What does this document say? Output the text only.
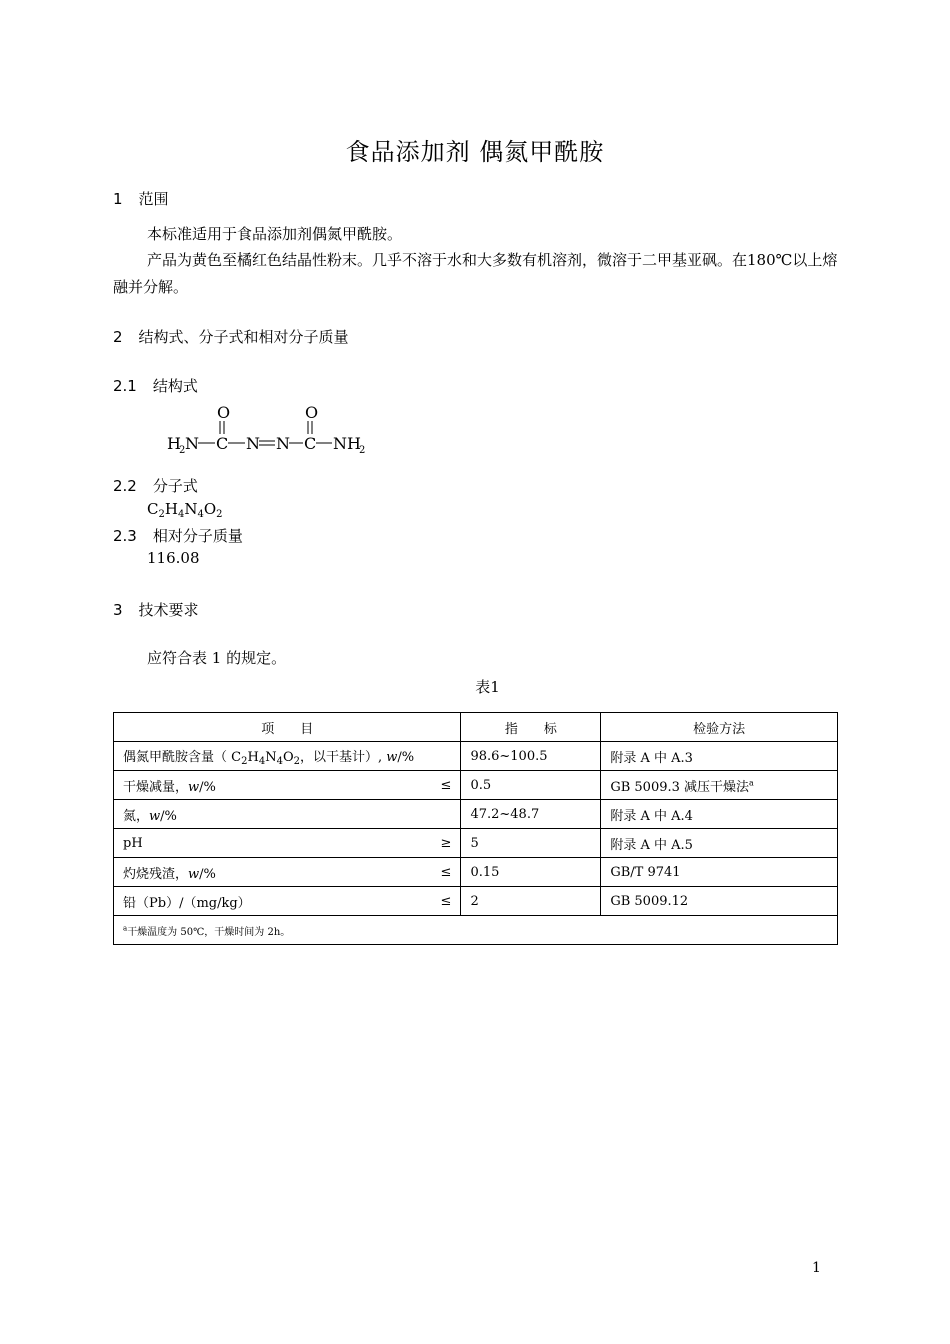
食品添加剂 偶氮甲酰胺
1 范围
本标准适用于食品添加剂偶氮甲酰胺。
产品为黄色至橘红色结晶性粉末。几乎不溶于水和大多数有机溶剂，微溶于二甲基亚砜。在180℃以上熔融并分解。
2 结构式、分子式和相对分子质量
2.1 结构式
O	O
H
2 N C N N C NH
2
2.2 分子式
$C_2H_4N_4O_2$
2.3 相对分子质量
116.08
3 技术要求
应符合表 1 的规定。
表1
项　　目	指　　标	检验方法
偶氮甲酰胺含量（ $C_2H_4N_4O_2$，以干基计）, w/%	98.6~100.5	附录 A 中 A.3

干燥减量，w/% ≤	0.5	GB 5009.3 减压干燥法$^a$
氮，w/%	47.2~48.7	附录 A 中 A.4

pH ≥	5	附录 A 中 A.5

灼烧残渣，w/% ≤	0.15	GB/T 9741

铅（Pb）/（mg/kg） ≤	2	GB 5009.12
$^a$干燥温度为 50℃，干燥时间为 2h。		
1
